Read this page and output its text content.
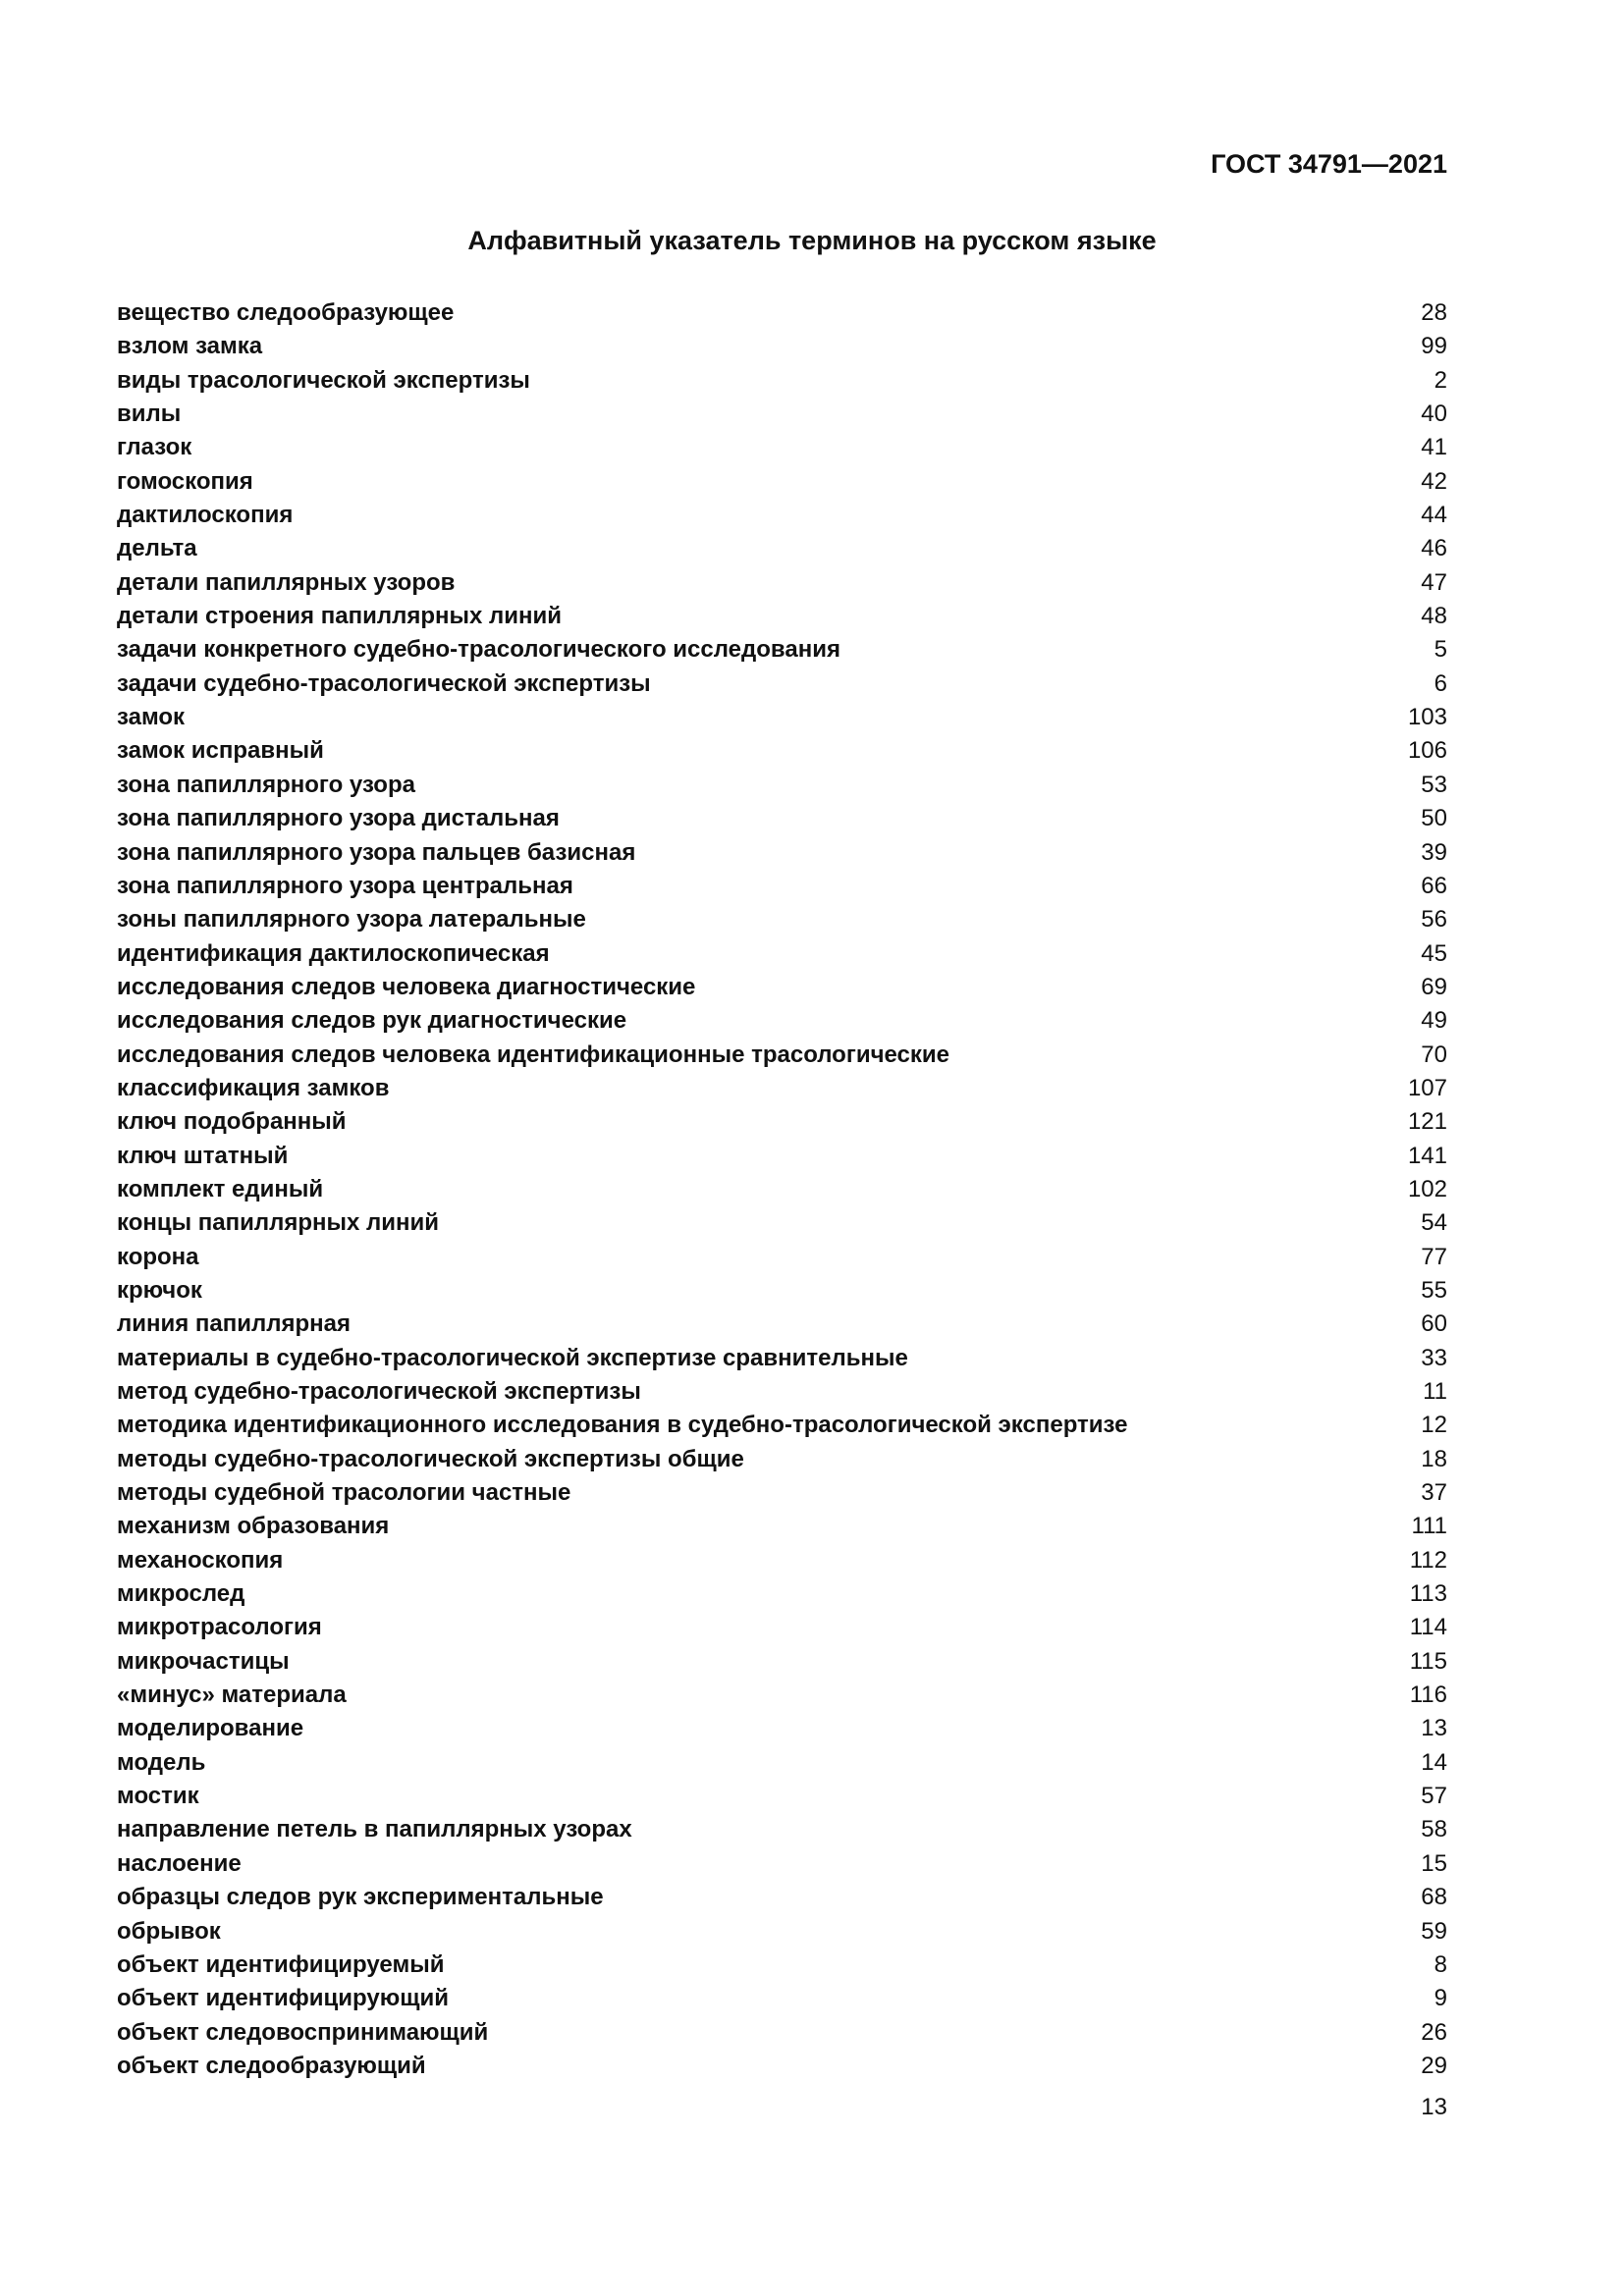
ГОСТ 34791—2021
Алфавитный указатель терминов на русском языке
вещество следообразующее	28
взлом замка	99
виды трасологической экспертизы	2
вилы	40
глазок	41
гомоскопия	42
дактилоскопия	44
дельта	46
детали папиллярных узоров	47
детали строения папиллярных линий	48
задачи конкретного судебно-трасологического исследования	5
задачи судебно-трасологической экспертизы	6
замок	103
замок исправный	106
зона папиллярного узора	53
зона папиллярного узора дистальная	50
зона папиллярного узора пальцев базисная	39
зона папиллярного узора центральная	66
зоны папиллярного узора латеральные	56
идентификация дактилоскопическая	45
исследования следов человека диагностические	69
исследования следов рук диагностические	49
исследования следов человека идентификационные трасологические	70
классификация замков	107
ключ подобранный	121
ключ штатный	141
комплект единый	102
концы папиллярных линий	54
корона	77
крючок	55
линия папиллярная	60
материалы в судебно-трасологической экспертизе сравнительные	33
метод судебно-трасологической экспертизы	11
методика идентификационного исследования в судебно-трасологической экспертизе	12
методы судебно-трасологической экспертизы общие	18
методы судебной трасологии частные	37
механизм образования	111
механоскопия	112
микрослед	113
микротрасология	114
микрочастицы	115
«минус» материала	116
моделирование	13
модель	14
мостик	57
направление петель в папиллярных узорах	58
наслоение	15
образцы следов рук экспериментальные	68
обрывок	59
объект идентифицируемый	8
объект идентифицирующий	9
объект следовоспринимающий	26
объект следообразующий	29
13
